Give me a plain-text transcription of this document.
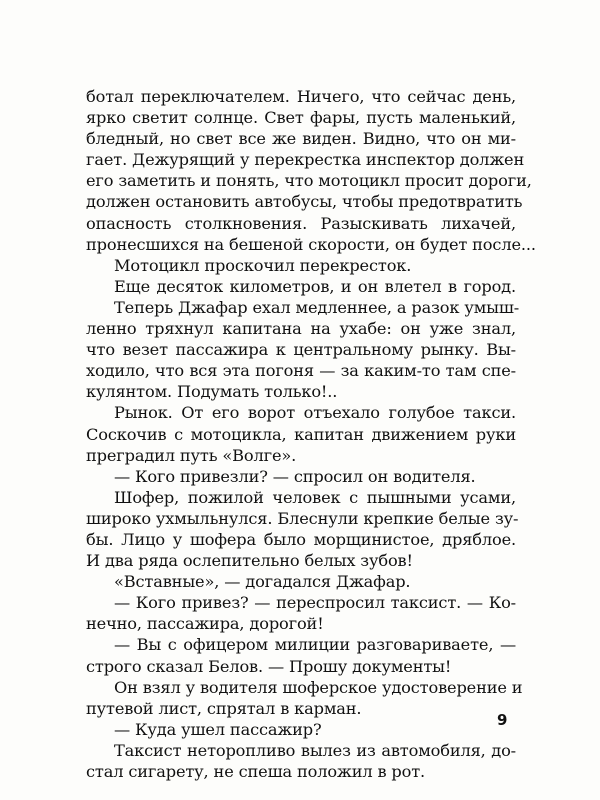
ботал переключателем. Ничего, что сейчас день,
ярко светит солнце. Свет фары, пусть маленький,
бледный, но свет все же виден. Видно, что он ми-
гает. Дежурящий у перекрестка инспектор должен
его заметить и понять, что мотоцикл просит дороги,
должен остановить автобусы, чтобы предотвратить
опасность столкновения. Разыскивать лихачей,
пронесшихся на бешеной скорости, он будет после...
Мотоцикл проскочил перекресток.
Еще десяток километров, и он влетел в город.
Теперь Джафар ехал медленнее, а разок умыш-
ленно тряхнул капитана на ухабе: он уже знал,
что везет пассажира к центральному рынку. Вы-
ходило, что вся эта погоня — за каким-то там спе-
кулянтом. Подумать только!..
Рынок. От его ворот отъехало голубое такси.
Соскочив с мотоцикла, капитан движением руки
преградил путь «Волге».
— Кого привезли? — спросил он водителя.
Шофер, пожилой человек с пышными усами,
широко ухмыльнулся. Блеснули крепкие белые зу-
бы. Лицо у шофера было морщинистое, дряблое.
И два ряда ослепительно белых зубов!
«Вставные», — догадался Джафар.
— Кого привез? — переспросил таксист. — Ко-
нечно, пассажира, дорогой!
— Вы с офицером милиции разговариваете, —
строго сказал Белов. — Прошу документы!
Он взял у водителя шоферское удостоверение и
путевой лист, спрятал в карман.
— Куда ушел пассажир?
Таксист неторопливо вылез из автомобиля, до-
стал сигарету, не спеша положил в рот.
9
